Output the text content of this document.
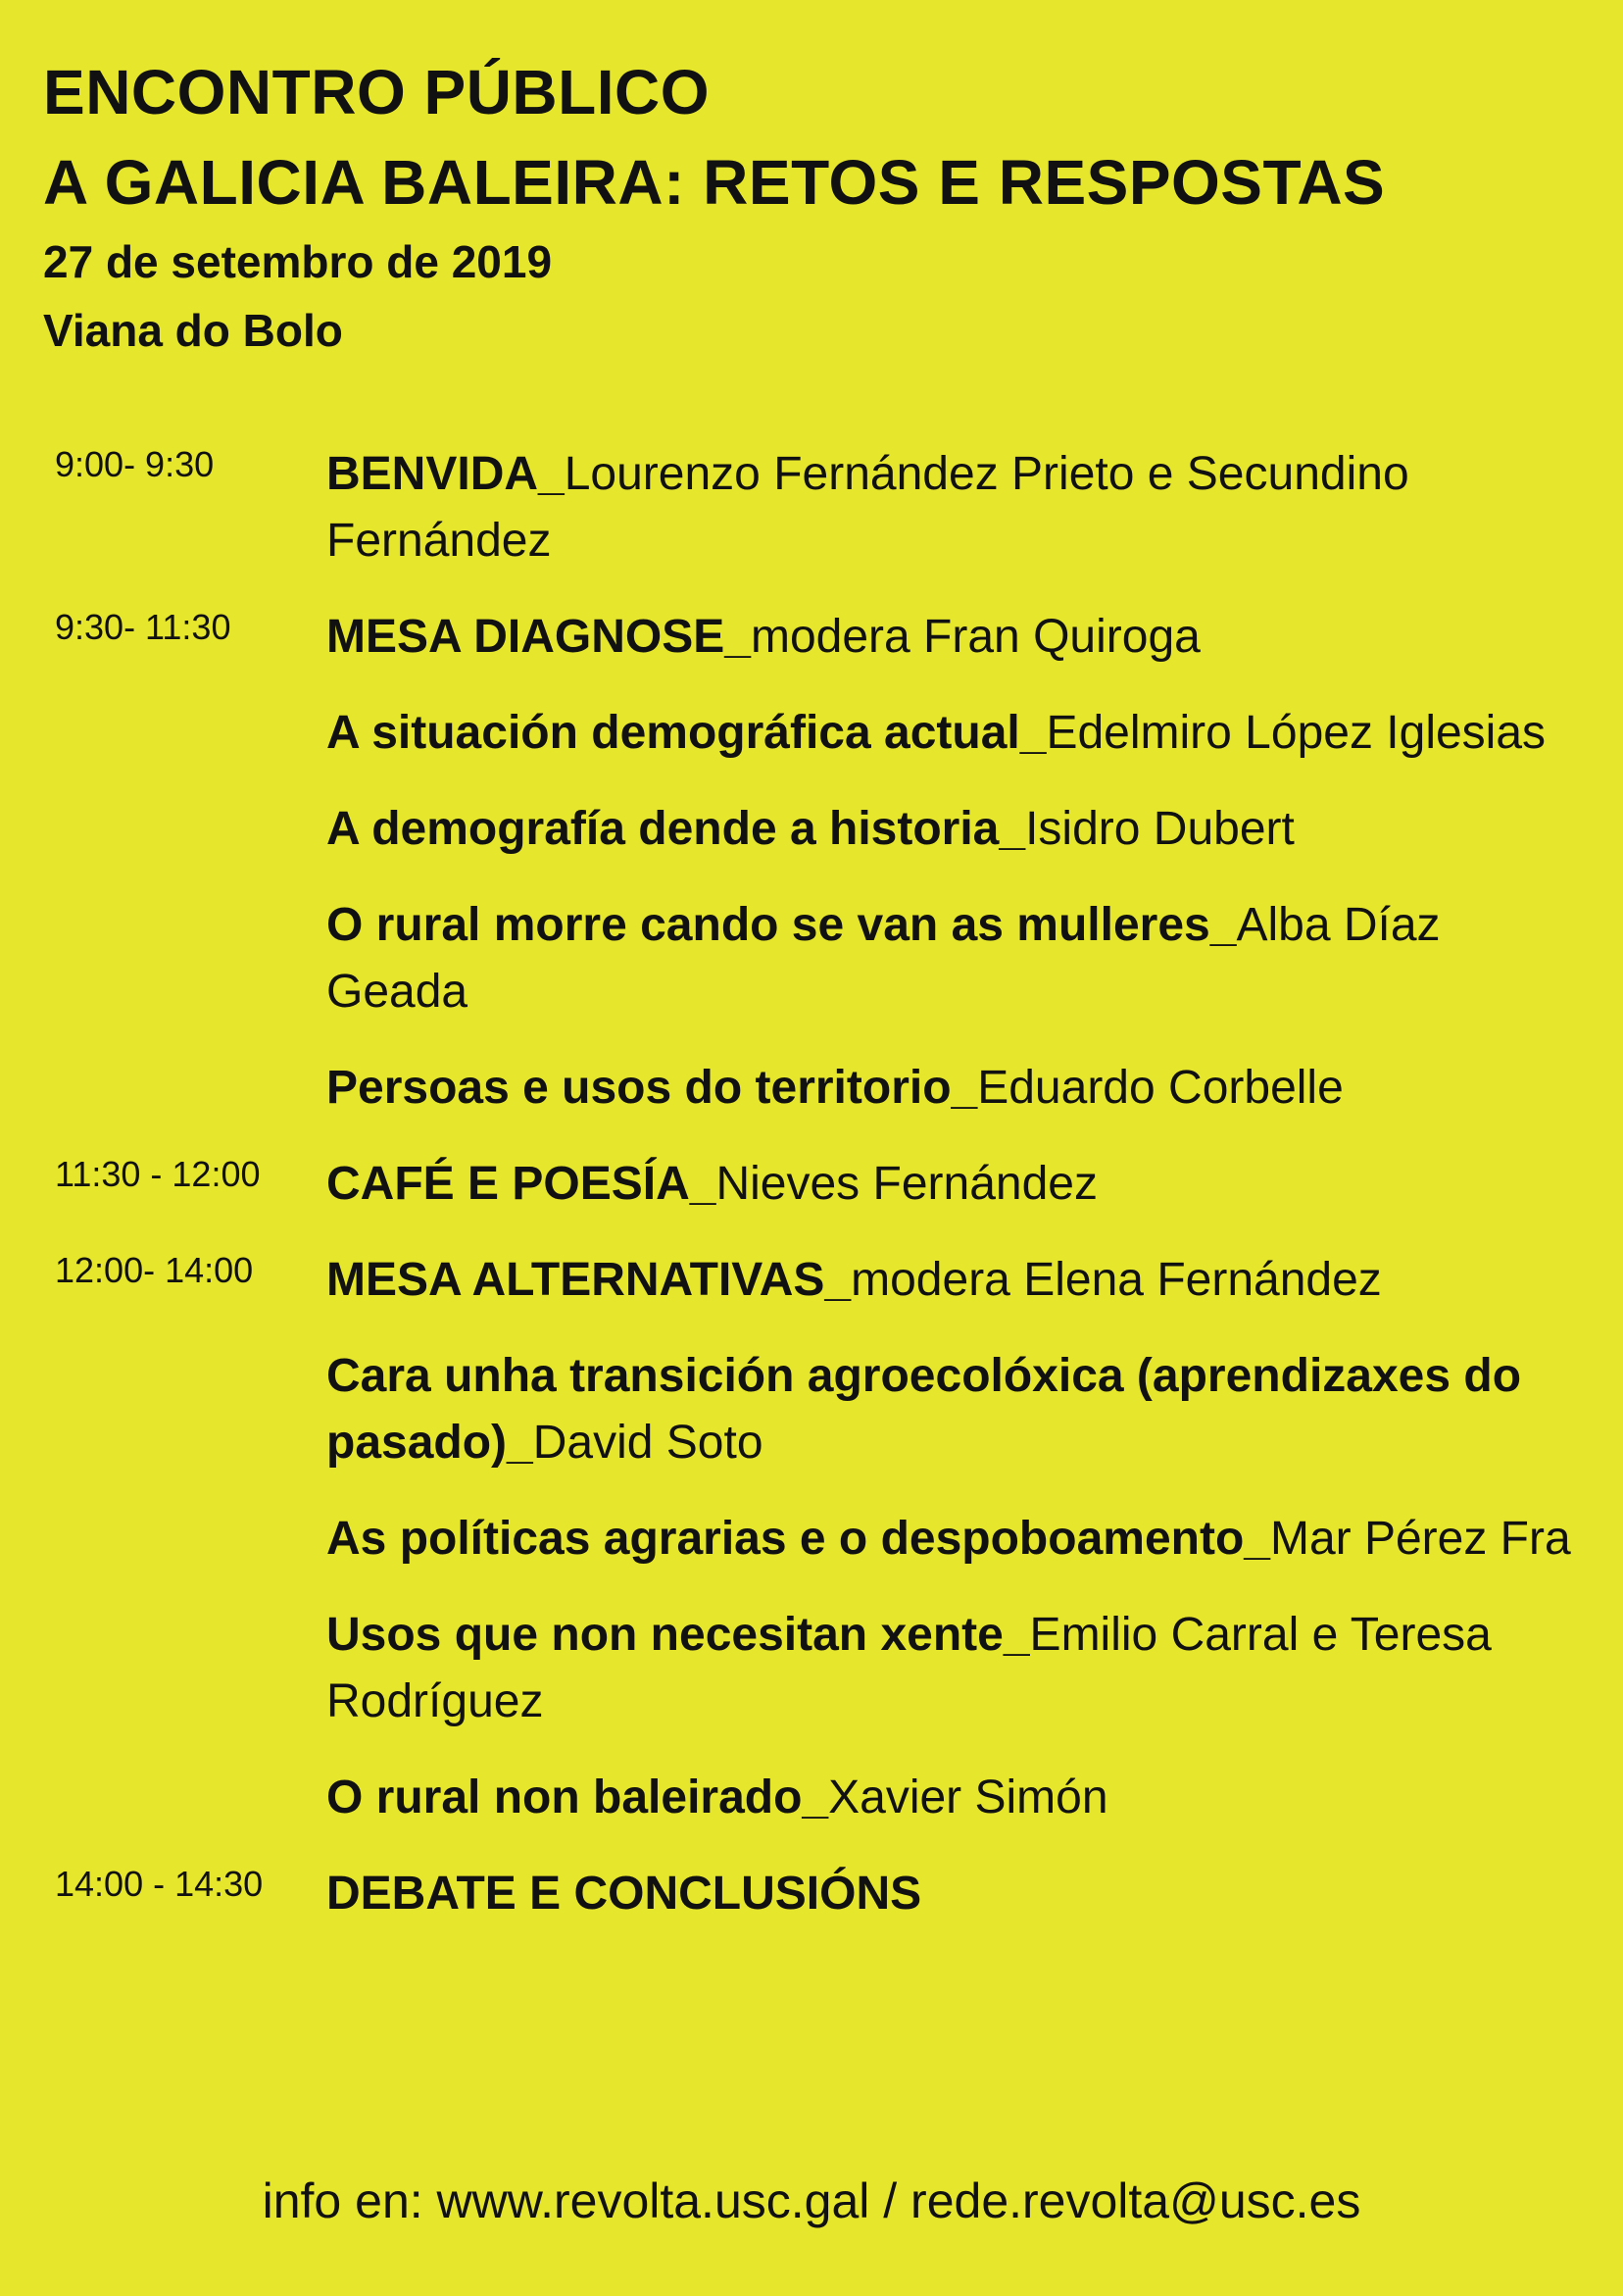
ENCONTRO PÚBLICO
A GALICIA BALEIRA: RETOS E RESPOSTAS
27 de setembro de 2019
Viana do Bolo
9:00- 9:30 BENVIDA_Lourenzo Fernández Prieto e Secundino Fernández
9:30- 11:30 MESA DIAGNOSE_modera Fran Quiroga
A situación demográfica actual_Edelmiro López Iglesias
A demografía dende a historia_Isidro Dubert
O rural morre cando se van as mulleres_Alba Díaz Geada
Persoas e usos do territorio_Eduardo Corbelle
11:30 - 12:00 CAFÉ E POESÍA_Nieves Fernández
12:00- 14:00 MESA ALTERNATIVAS_modera Elena Fernández
Cara unha transición agroecolóxica (aprendizaxes do pasado)_David Soto
As políticas agrarias e o despoboamento_Mar Pérez Fra
Usos que non necesitan xente_Emilio Carral e Teresa Rodríguez
O rural non baleirado_Xavier Simón
14:00 - 14:30 DEBATE E CONCLUSIÓNS
info en: www.revolta.usc.gal / rede.revolta@usc.es
